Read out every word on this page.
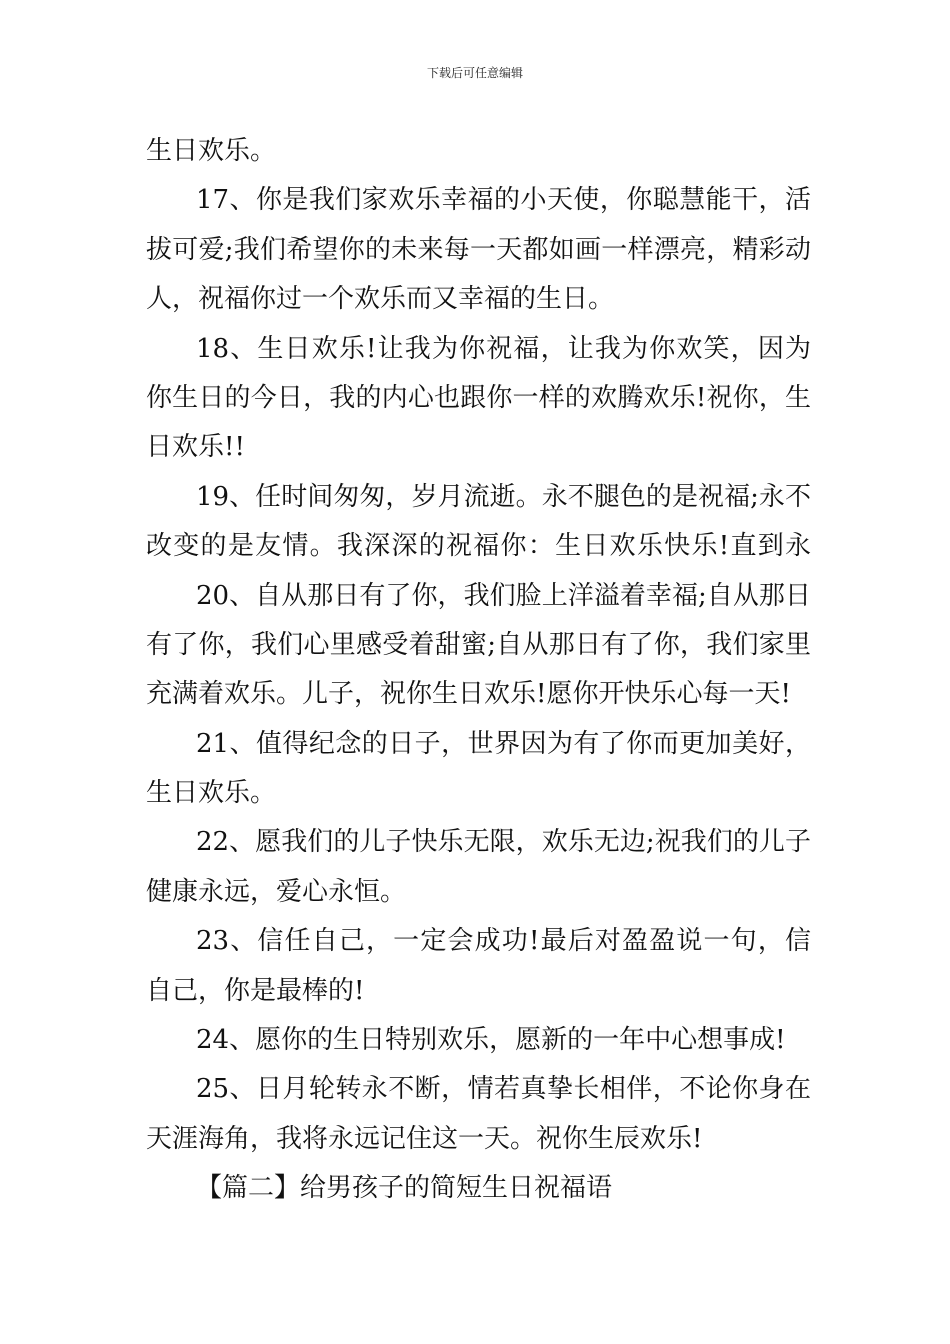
下载后可任意编辑
生日欢乐。
17、你是我们家欢乐幸福的小天使，你聪慧能干，活
拔可爱;我们希望你的未来每一天都如画一样漂亮，精彩动
人，祝福你过一个欢乐而又幸福的生日。
18、生日欢乐!让我为你祝福，让我为你欢笑，因为
你生日的今日，我的内心也跟你一样的欢腾欢乐!祝你，生
日欢乐!!
19、任时间匆匆，岁月流逝。永不腿色的是祝福;永不
改变的是友情。我深深的祝福你：生日欢乐快乐!直到永
20、自从那日有了你，我们脸上洋溢着幸福;自从那日
有了你，我们心里感受着甜蜜;自从那日有了你，我们家里
充满着欢乐。儿子，祝你生日欢乐!愿你开快乐心每一天!
21、值得纪念的日子，世界因为有了你而更加美好，
生日欢乐。
22、愿我们的儿子快乐无限，欢乐无边;祝我们的儿子
健康永远，爱心永恒。
23、信任自己，一定会成功!最后对盈盈说一句，信
自己，你是最棒的!
24、愿你的生日特别欢乐，愿新的一年中心想事成!
25、日月轮转永不断，情若真挚长相伴，不论你身在
天涯海角，我将永远记住这一天。祝你生辰欢乐!
【篇二】给男孩子的简短生日祝福语
